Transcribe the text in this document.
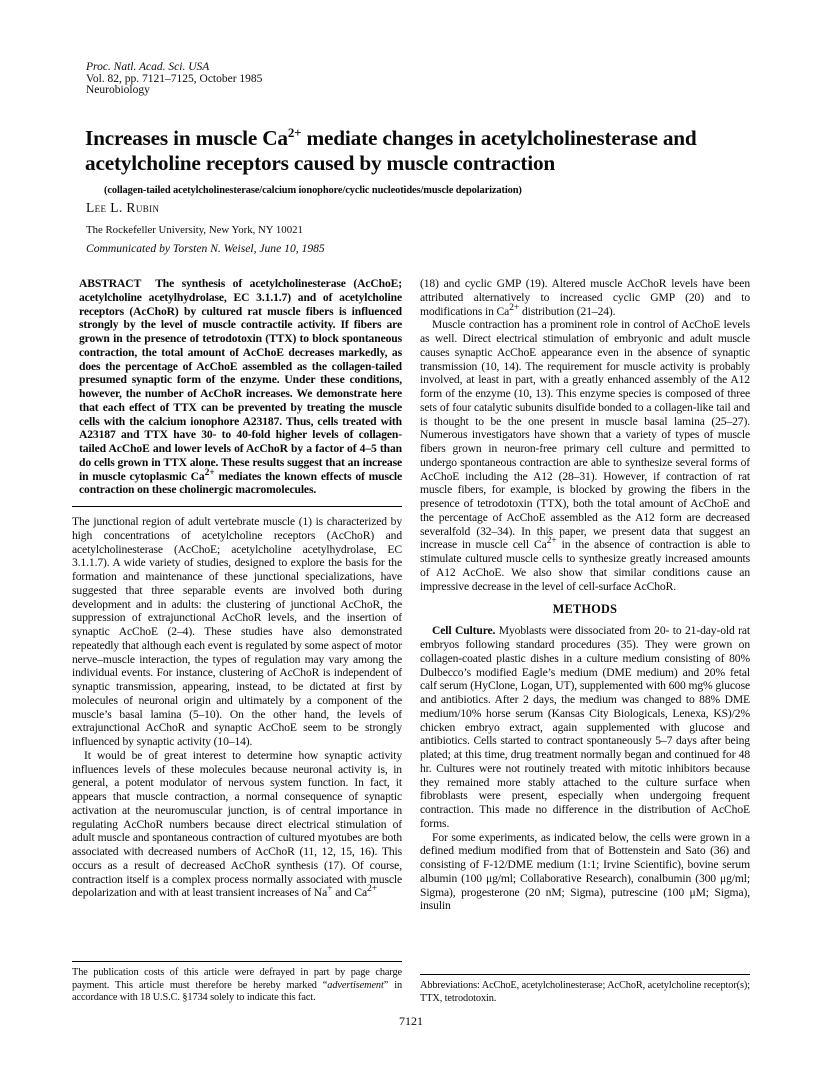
Proc. Natl. Acad. Sci. USA
Vol. 82, pp. 7121–7125, October 1985
Neurobiology
Increases in muscle $Ca^{2+}$ mediate changes in acetylcholinesterase and acetylcholine receptors caused by muscle contraction
(collagen-tailed acetylcholinesterase/calcium ionophore/cyclic nucleotides/muscle depolarization)
Lee L. Rubin
The Rockefeller University, New York, NY 10021
Communicated by Torsten N. Weisel, June 10, 1985

ABSTRACT The synthesis of acetylcholinesterase (AcChoE; acetylcholine acetylhydrolase, EC 3.1.1.7) and of acetylcholine receptors (AcChoR) by cultured rat muscle fibers is influenced strongly by the level of muscle contractile activity. If fibers are grown in the presence of tetrodotoxin (TTX) to block spontaneous contraction, the total amount of AcChoE decreases markedly, as does the percentage of AcChoE assembled as the collagen-tailed presumed synaptic form of the enzyme. Under these conditions, however, the number of AcChoR increases. We demonstrate here that each effect of TTX can be prevented by treating the muscle cells with the calcium ionophore A23187. Thus, cells treated with A23187 and TTX have 30- to 40-fold higher levels of collagen-tailed AcChoE and lower levels of AcChoR by a factor of 4–5 than do cells grown in TTX alone. These results suggest that an increase in muscle cytoplasmic $Ca^{2+}$ mediates the known effects of muscle contraction on these cholinergic macromolecules.

The junctional region of adult vertebrate muscle (1) is characterized by high concentrations of acetylcholine receptors (AcChoR) and acetylcholinesterase (AcChoE; acetylcholine acetylhydrolase, EC 3.1.1.7). A wide variety of studies, designed to explore the basis for the formation and maintenance of these junctional specializations, have suggested that three separable events are involved both during development and in adults: the clustering of junctional AcChoR, the suppression of extrajunctional AcChoR levels, and the insertion of synaptic AcChoE (2–4). These studies have also demonstrated repeatedly that although each event is regulated by some aspect of motor nerve–muscle interaction, the types of regulation may vary among the individual events. For instance, clustering of AcChoR is independent of synaptic transmission, appearing, instead, to be dictated at first by molecules of neuronal origin and ultimately by a component of the muscle’s basal lamina (5–10). On the other hand, the levels of extrajunctional AcChoR and synaptic AcChoE seem to be strongly influenced by synaptic activity (10–14).

It would be of great interest to determine how synaptic activity influences levels of these molecules because neuronal activity is, in general, a potent modulator of nervous system function. In fact, it appears that muscle contraction, a normal consequence of synaptic activation at the neuromuscular junction, is of central importance in regulating AcChoR numbers because direct electrical stimulation of adult muscle and spontaneous contraction of cultured myotubes are both associated with decreased numbers of AcChoR (11, 12, 15, 16). This occurs as a result of decreased AcChoR synthesis (17). Of course, contraction itself is a complex process normally associated with muscle depolarization and with at least transient increases of Na+ and $Ca^{2+}$

The publication costs of this article were defrayed in part by page charge payment. This article must therefore be hereby marked “advertisement” in accordance with 18 U.S.C. §1734 solely to indicate this fact.

(18) and cyclic GMP (19). Altered muscle AcChoR levels have been attributed alternatively to increased cyclic GMP (20) and to modifications in $Ca^{2+}$ distribution (21–24).

Muscle contraction has a prominent role in control of AcChoE levels as well. Direct electrical stimulation of embryonic and adult muscle causes synaptic AcChoE appearance even in the absence of synaptic transmission (10, 14). The requirement for muscle activity is probably involved, at least in part, with a greatly enhanced assembly of the A12 form of the enzyme (10, 13). This enzyme species is composed of three sets of four catalytic subunits disulfide bonded to a collagen-like tail and is thought to be the one present in muscle basal lamina (25–27). Numerous investigators have shown that a variety of types of muscle fibers grown in neuron-free primary cell culture and permitted to undergo spontaneous contraction are able to synthesize several forms of AcChoE including the A12 (28–31). However, if contraction of rat muscle fibers, for example, is blocked by growing the fibers in the presence of tetrodotoxin (TTX), both the total amount of AcChoE and the percentage of AcChoE assembled as the A12 form are decreased severalfold (32–34). In this paper, we present data that suggest an increase in muscle cell $Ca^{2+}$ in the absence of contraction is able to stimulate cultured muscle cells to synthesize greatly increased amounts of A12 AcChoE. We also show that similar conditions cause an impressive decrease in the level of cell-surface AcChoR.

METHODS

Cell Culture. Myoblasts were dissociated from 20- to 21-day-old rat embryos following standard procedures (35). They were grown on collagen-coated plastic dishes in a culture medium consisting of 80% Dulbecco’s modified Eagle’s medium (DME medium) and 20% fetal calf serum (HyClone, Logan, UT), supplemented with 600 mg% glucose and antibiotics. After 2 days, the medium was changed to 88% DME medium/10% horse serum (Kansas City Biologicals, Lenexa, KS)/2% chicken embryo extract, again supplemented with glucose and antibiotics. Cells started to contract spontaneously 5–7 days after being plated; at this time, drug treatment normally began and continued for 48 hr. Cultures were not routinely treated with mitotic inhibitors because they remained more stably attached to the culture surface when fibroblasts were present, especially when undergoing frequent contraction. This made no difference in the distribution of AcChoE forms.

For some experiments, as indicated below, the cells were grown in a defined medium modified from that of Bottenstein and Sato (36) and consisting of F-12/DME medium (1:1; Irvine Scientific), bovine serum albumin (100 μg/ml; Collaborative Research), conalbumin (300 μg/ml; Sigma), progesterone (20 nM; Sigma), putrescine (100 μM; Sigma), insulin

Abbreviations: AcChoE, acetylcholinesterase; AcChoR, acetylcholine receptor(s); TTX, tetrodotoxin.
7121
